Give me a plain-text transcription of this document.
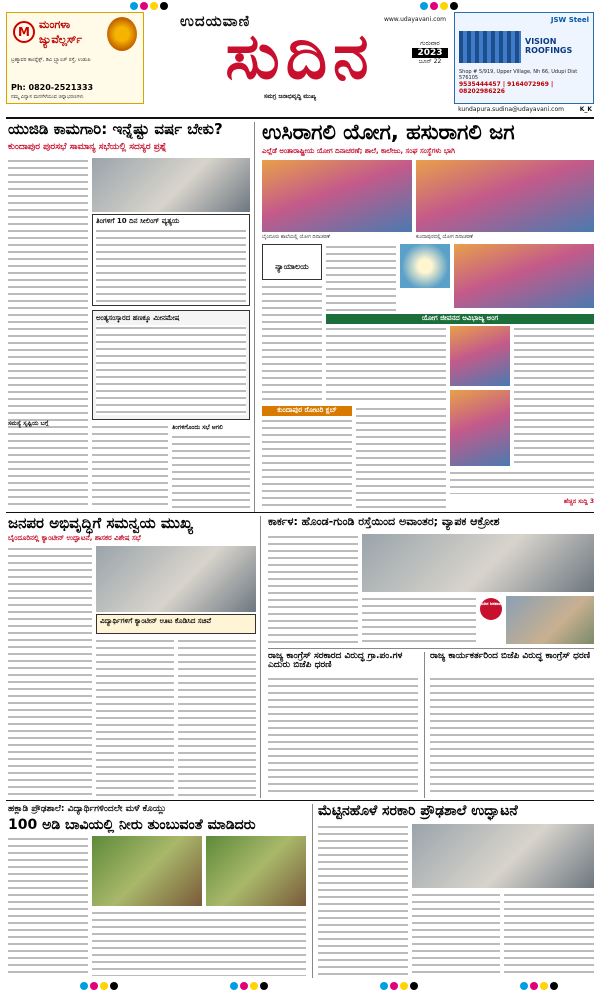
M
ಮಂಗಳಾ
ಜ್ಯುವೆಲ್ಲರ್ಸ್
ಬ್ರಹ್ಮಾವರ ಕಾಂಪ್ಲೆಕ್ಸ್, ಡಿವಿ ಬ್ರ್ಯಾಂಚ್ ರಸ್ತೆ, ಉಡುಪಿ
Ph: 0820-2521333
ನಮ್ಮ ವಿನ್ಯಾಸ ಮನಸೆಳೆಯುವ ಚಿನ್ನಾಭರಣಗಳು
ಉದಯವಾಣಿ	www.udayavani.com
ಸುದಿನ
ಸಮಗ್ರ ಜನಾಭಿವೃದ್ಧಿ ಮುಖ್ಯ
ಗುರುವಾರ
2023
ಜೂನ್ 22
JSW Steel
VISION ROOFINGS
Shop # 5/919, Upper Village, Nh 66, Udupi Dist 576105
9535444457 | 9164072969 | 08202986226
kundapura.sudina@udayavani.com	K_K
ಯುಜಿಡಿ ಕಾಮಗಾರಿ: ಇನ್ನೆಷ್ಟು ವರ್ಷ ಬೇಕು?
ಕುಂದಾಪುರ ಪುರಸಭೆ ಸಾಮಾನ್ಯ ಸಭೆಯಲ್ಲಿ ಸದಸ್ಯರ ಪ್ರಶ್ನೆ
ತಿಂಗಳಿಗೆ 10 ದಿನ ಸೀಲಿಂಗ್ ವ್ಯತ್ಯಯ
ಅಂತ್ಯಸಂಸ್ಕಾರದ ಹಣಕ್ಕೂ ಮೀನಮೇಷ
ಸಮಸ್ಯೆ ಸೃಷ್ಟಿಯ ಬಗ್ಗೆ
ತಿಂಗಳಿಗೊಂದು ಸಭೆ ಆಗಲಿ
ಉಸಿರಾಗಲಿ ಯೋಗ, ಹಸುರಾಗಲಿ ಜಗ
ಎಲ್ಲೆಡೆ ಅಂತಾರಾಷ್ಟ್ರೀಯ ಯೋಗ ದಿನಾಚರಣೆ; ಶಾಲೆ, ಕಾಲೇಜು, ಸಂಘ ಸಂಸ್ಥೆಗಳು ಭಾಗಿ
ಬೈಂದೂರು ಶಾಲೆಯಲ್ಲಿ ಯೋಗ ದಿನಾಚರಣೆ	ಕುಂದಾಪುರದಲ್ಲಿ ಯೋಗ ದಿನಾಚರಣೆ
ನ್ಯಾಯಾಲಯ
ಯೋಗ ಜೀವನದ ಅವಿಭಾಜ್ಯ ಅಂಗ
ಕುಂದಾಪುರ ರೋಟರಿ ಕ್ಲಬ್
ಹೆಚ್ಚಿನ ಸುದ್ದಿ 3
ಜನಪರ ಅಭಿವೃದ್ಧಿಗೆ ಸಮನ್ವಯ ಮುಖ್ಯ
ಬೈಂದೂರಿನಲ್ಲಿ ಕ್ಯಾಂಟೀನ್ ಉದ್ಘಾಟನೆ, ಶಾಸಕರ ವಿಶೇಷ ಸಭೆ
ವಿದ್ಯಾರ್ಥಿಗಳಿಗೆ ಕ್ಯಾಂಟೀನ್ ಊಟ ಕೊಡಿಸಿದ ಸಚಿವೆ
ಕಾರ್ಕಳ: ಹೊಂಡ-ಗುಂಡಿ ರಸ್ತೆಯಿಂದ ಅವಾಂತರ; ವ್ಯಾಪಕ ಆಕ್ರೋಶ
ಸುದಿನ ಜನವಾಣಿ
ರಾಜ್ಯ ಕಾಂಗ್ರೆಸ್ ಸರಕಾರದ ವಿರುದ್ಧ ಗ್ರಾ.ಪಂ.ಗಳ ಎದುರು ಬಿಜೆಪಿ ಧರಣಿ
ರಾಜ್ಯ ಕಾರ್ಯಕರ್ತರಿಂದ ಬಿಜೆಪಿ ವಿರುದ್ಧ ಕಾಂಗ್ರೆಸ್ ಧರಣಿ
ಹಕ್ಲಾಡಿ ಪ್ರೌಢಶಾಲೆ: ವಿದ್ಯಾರ್ಥಿಗಳಿಂದಲೇ ಮಳೆ ಕೊಯ್ಲು
100 ಅಡಿ ಬಾವಿಯಲ್ಲಿ ನೀರು ತುಂಬುವಂತೆ ಮಾಡಿದರು
ಮೆಟ್ಟಿನಹೊಳೆ ಸರಕಾರಿ ಪ್ರೌಢಶಾಲೆ ಉದ್ಘಾಟನೆ
